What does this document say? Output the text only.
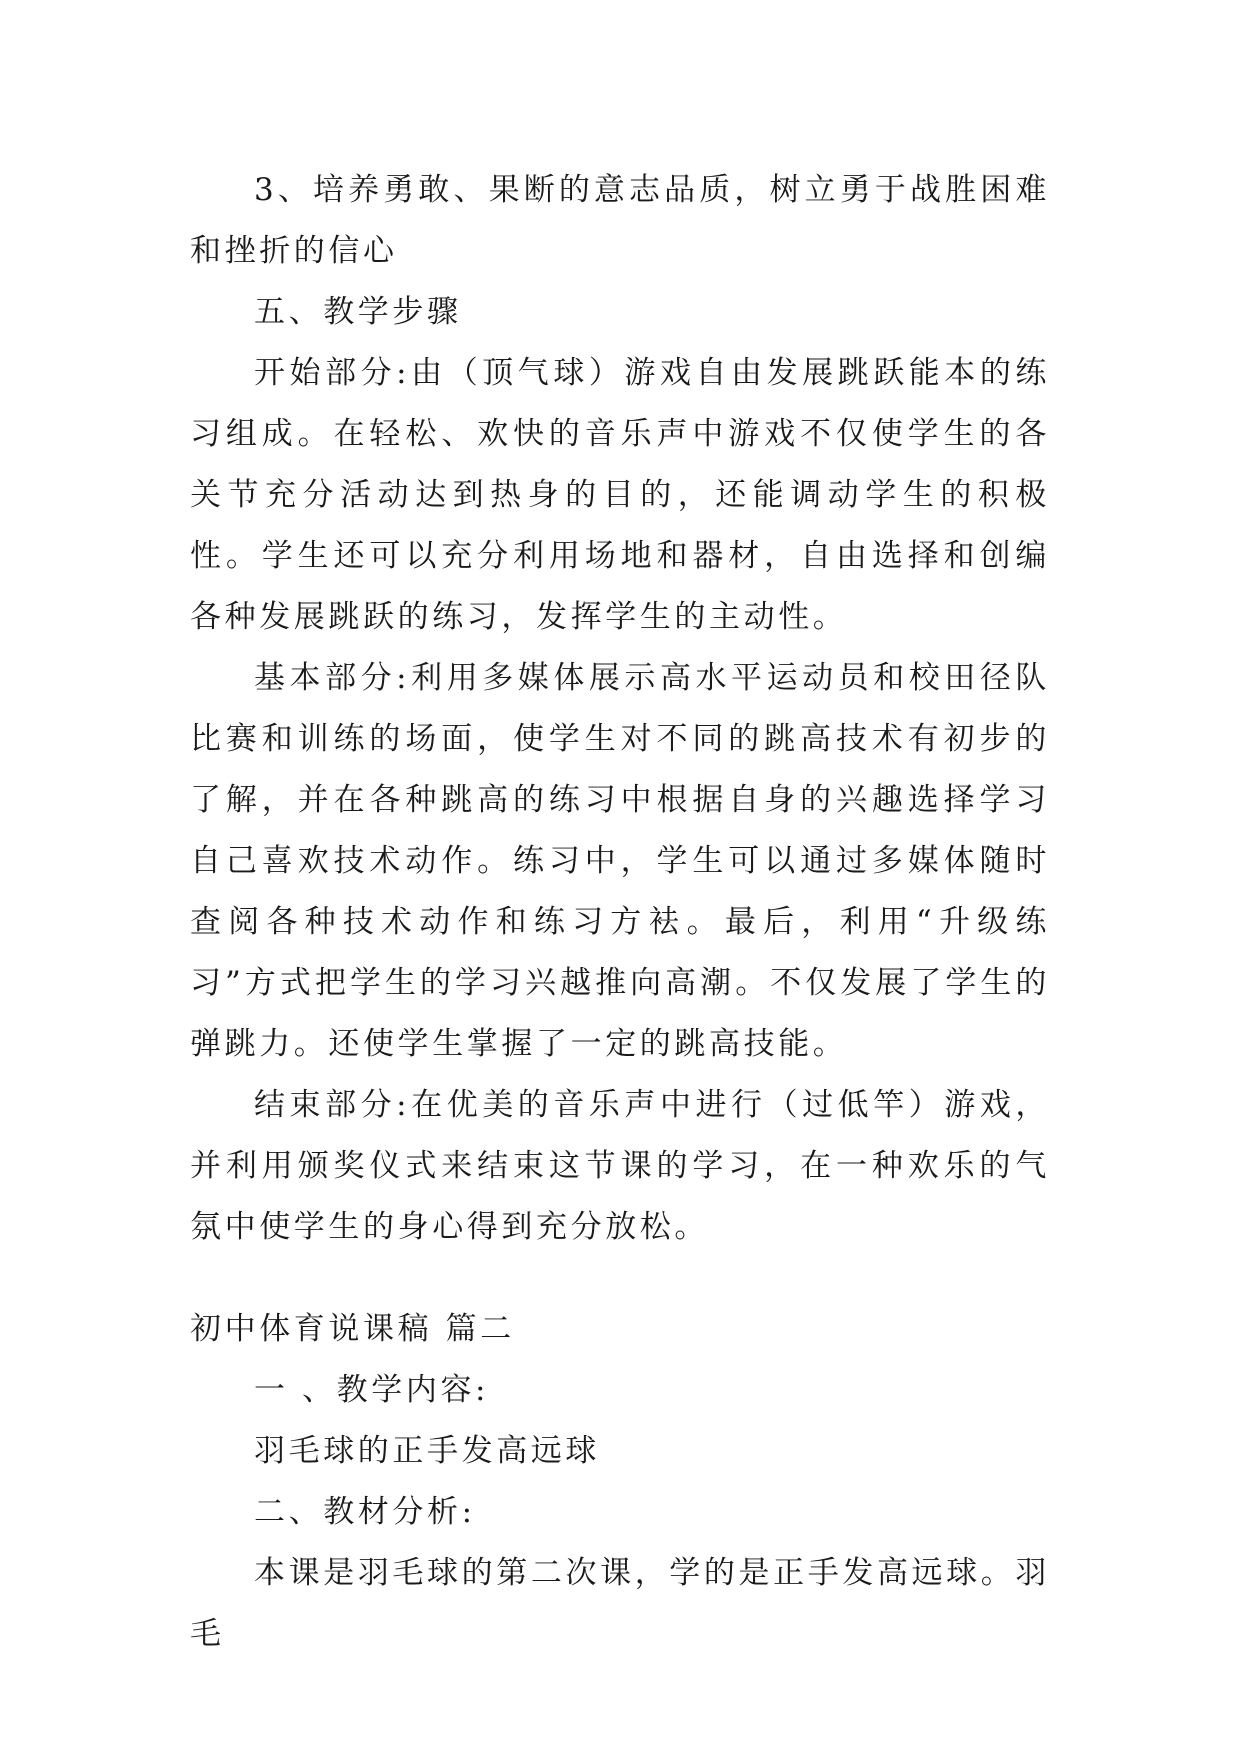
3、培养勇敢、果断的意志品质，树立勇于战胜困难和挫折的信心

五、教学步骤

开始部分:由（顶气球）游戏自由发展跳跃能本的练习组成。在轻松、欢快的音乐声中游戏不仅使学生的各关节充分活动达到热身的目的，还能调动学生的积极性。学生还可以充分利用场地和器材，自由选择和创编各种发展跳跃的练习，发挥学生的主动性。

基本部分:利用多媒体展示高水平运动员和校田径队比赛和训练的场面，使学生对不同的跳高技术有初步的了解，并在各种跳高的练习中根据自身的兴趣选择学习自己喜欢技术动作。练习中，学生可以通过多媒体随时查阅各种技术动作和练习方袪。最后，利用“升级练习”方式把学生的学习兴越推向高潮。不仅发展了学生的弹跳力。还使学生掌握了一定的跳高技能。

结束部分:在优美的音乐声中进行（过低竿）游戏，并利用颁奖仪式来结束这节课的学习，在一种欢乐的气氛中使学生的身心得到充分放松。

初中体育说课稿 篇二

一 、教学内容:

羽毛球的正手发高远球

二、教材分析:

本课是羽毛球的第二次课，学的是正手发高远球。羽毛
